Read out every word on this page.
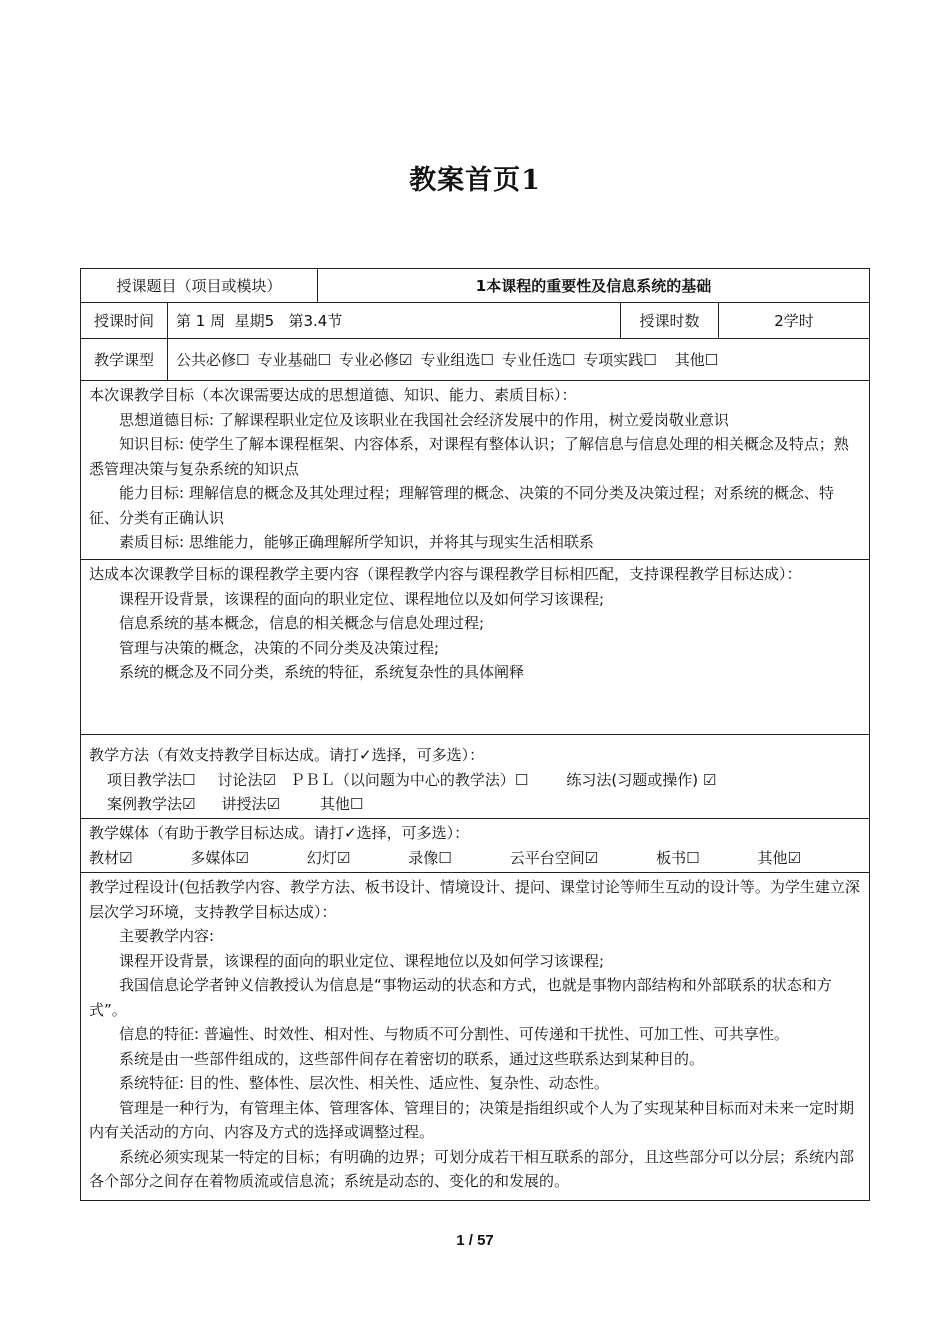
教案首页1
授课题目（项目或模块）	1本课程的重要性及信息系统的基础
授课时间	第 1 周  星期5   第3.4节	授课时数	2学时
教学课型	公共必修☐ 专业基础☐ 专业必修☑ 专业组选☐ 专业任选☐ 专项实践☐ 其他☐

本次课教学目标（本次课需要达成的思想道德、知识、能力、素质目标）：

思想道德目标: 了解课程职业定位及该职业在我国社会经济发展中的作用，树立爱岗敬业意识

知识目标: 使学生了解本课程框架、内容体系，对课程有整体认识；了解信息与信息处理的相关概念及特点；熟悉管理决策与复杂系统的知识点

能力目标: 理解信息的概念及其处理过程；理解管理的概念、决策的不同分类及决策过程；对系统的概念、特征、分类有正确认识

素质目标: 思维能力，能够正确理解所学知识，并将其与现实生活相联系

达成本次课教学目标的课程教学主要内容（课程教学内容与课程教学目标相匹配，支持课程教学目标达成）：

课程开设背景，该课程的面向的职业定位、课程地位以及如何学习该课程;

信息系统的基本概念，信息的相关概念与信息处理过程;

管理与决策的概念，决策的不同分类及决策过程;

系统的概念及不同分类，系统的特征，系统复杂性的具体阐释

教学方法（有效支持教学目标达成。请打✓选择，可多选）：

项目教学法☐ 讨论法☑ ＰＢＬ（以问题为中心的教学法）☐	练习法(习题或操作) ☑
案例教学法☑ 讲授法☑	其他☐

教学媒体（有助于教学目标达成。请打✓选择，可多选）：

教材☑	多媒体☑	幻灯☑	录像☐	云平台空间☑	板书☐	其他☑

教学过程设计(包括教学内容、教学方法、板书设计、情境设计、提问、课堂讨论等师生互动的设计等。为学生建立深层次学习环境，支持教学目标达成）：

主要教学内容:

课程开设背景，该课程的面向的职业定位、课程地位以及如何学习该课程;

我国信息论学者钟义信教授认为信息是“事物运动的状态和方式，也就是事物内部结构和外部联系的状态和方式”。

信息的特征: 普遍性、时效性、相对性、与物质不可分割性、可传递和干扰性、可加工性、可共享性。

系统是由一些部件组成的，这些部件间存在着密切的联系，通过这些联系达到某种目的。

系统特征: 目的性、整体性、层次性、相关性、适应性、复杂性、动态性。

管理是一种行为，有管理主体、管理客体、管理目的；决策是指组织或个人为了实现某种目标而对未来一定时期内有关活动的方向、内容及方式的选择或调整过程。

系统必须实现某一特定的目标；有明确的边界；可划分成若干相互联系的部分，且这些部分可以分层；系统内部各个部分之间存在着物质流或信息流；系统是动态的、变化的和发展的。

1 / 57
